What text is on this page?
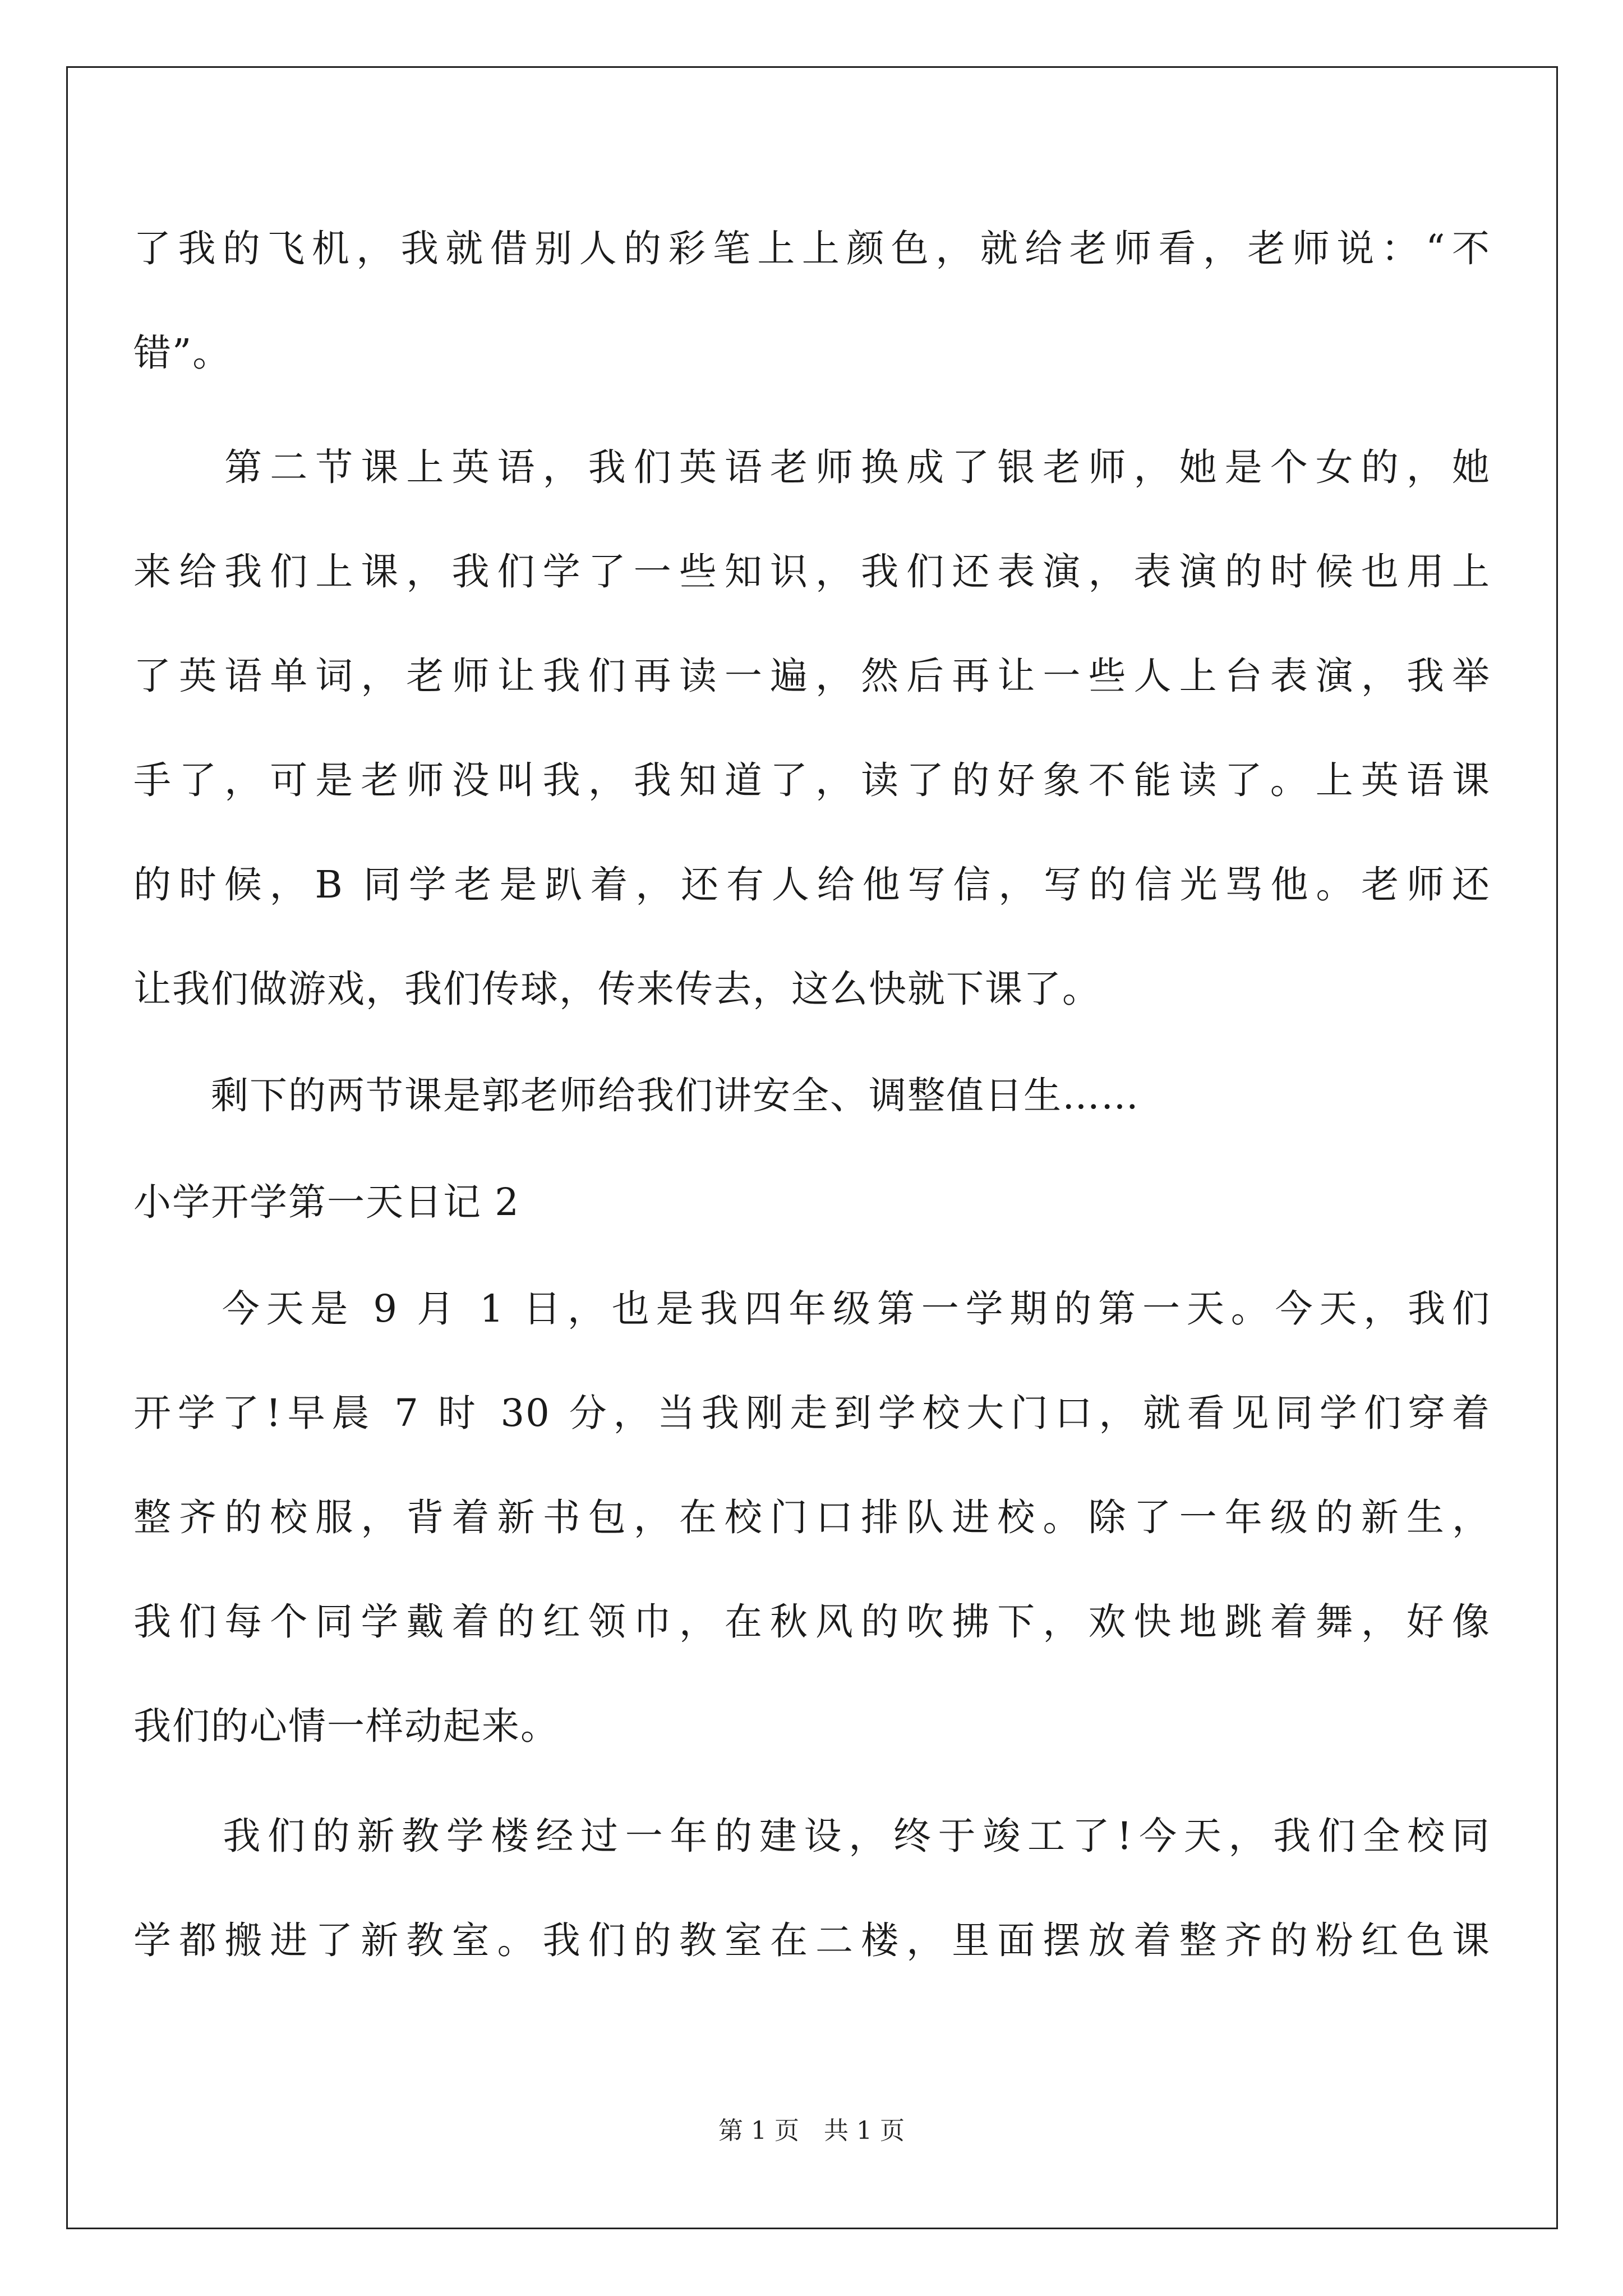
了我的飞机，我就借别人的彩笔上上颜色，就给老师看，老师说：“不
错”。
　　第二节课上英语，我们英语老师换成了银老师，她是个女的，她
来给我们上课，我们学了一些知识，我们还表演，表演的时候也用上
了英语单词，老师让我们再读一遍，然后再让一些人上台表演，我举
手了，可是老师没叫我，我知道了，读了的好象不能读了。上英语课
的时候，B 同学老是趴着，还有人给他写信，写的信光骂他。老师还
让我们做游戏，我们传球，传来传去，这么快就下课了。
　　剩下的两节课是郭老师给我们讲安全、调整值日生……
小学开学第一天日记 2
　　今天是 9 月 1 日，也是我四年级第一学期的第一天。今天，我们
开学了!早晨 7 时 30 分，当我刚走到学校大门口，就看见同学们穿着
整齐的校服，背着新书包，在校门口排队进校。除了一年级的新生，
我们每个同学戴着的红领巾，在秋风的吹拂下，欢快地跳着舞，好像
我们的心情一样动起来。
　　我们的新教学楼经过一年的建设，终于竣工了!今天，我们全校同
学都搬进了新教室。我们的教室在二楼，里面摆放着整齐的粉红色课
第 1 页　共 1 页
